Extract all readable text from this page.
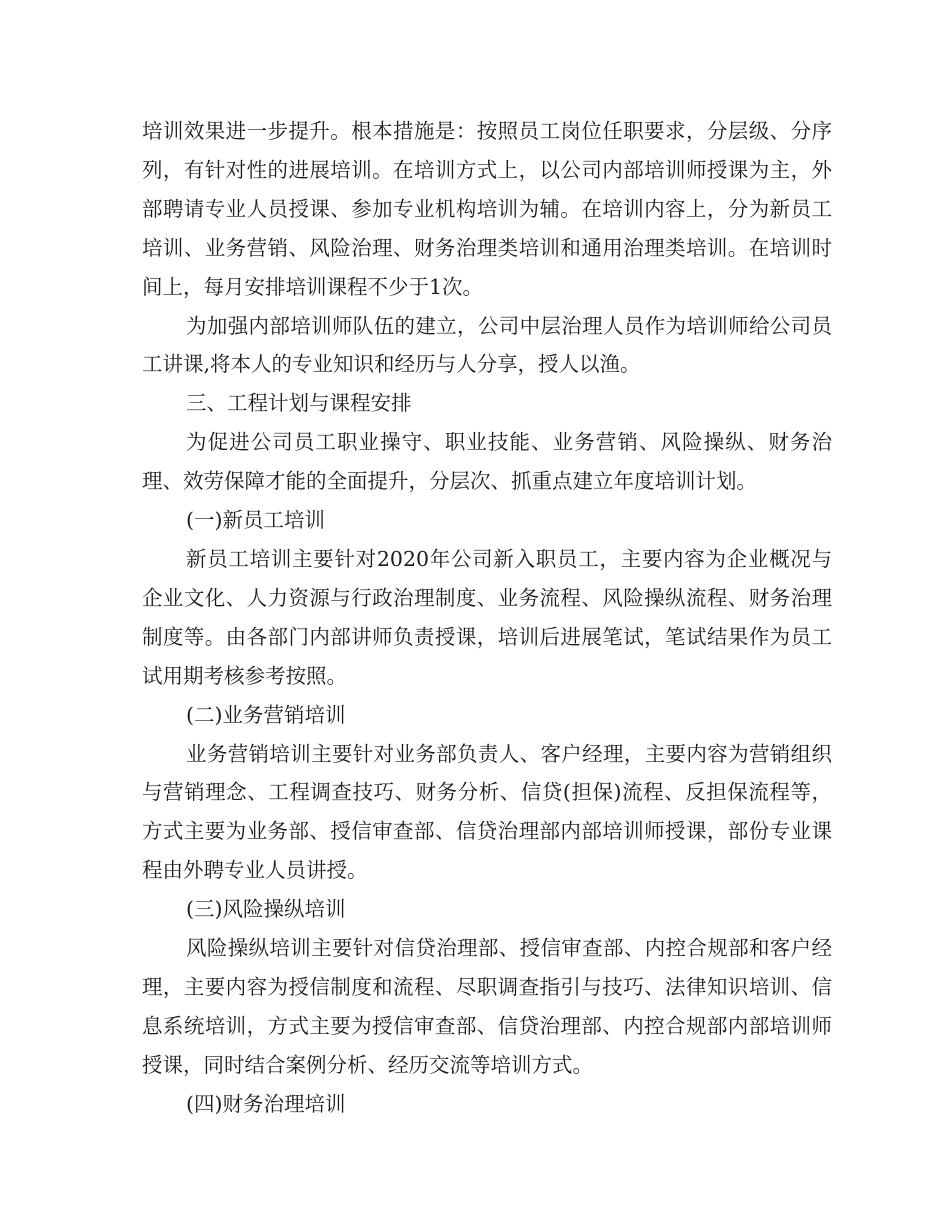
培训效果进一步提升。根本措施是：按照员工岗位任职要求，分层级、分序列，有针对性的进展培训。在培训方式上，以公司内部培训师授课为主，外部聘请专业人员授课、参加专业机构培训为辅。在培训内容上，分为新员工培训、业务营销、风险治理、财务治理类培训和通用治理类培训。在培训时间上，每月安排培训课程不少于1次。

为加强内部培训师队伍的建立，公司中层治理人员作为培训师给公司员工讲课,将本人的专业知识和经历与人分享，授人以渔。

三、工程计划与课程安排

为促进公司员工职业操守、职业技能、业务营销、风险操纵、财务治理、效劳保障才能的全面提升，分层次、抓重点建立年度培训计划。

(一)新员工培训

新员工培训主要针对2020年公司新入职员工，主要内容为企业概况与企业文化、人力资源与行政治理制度、业务流程、风险操纵流程、财务治理制度等。由各部门内部讲师负责授课，培训后进展笔试，笔试结果作为员工试用期考核参考按照。

(二)业务营销培训

业务营销培训主要针对业务部负责人、客户经理，主要内容为营销组织与营销理念、工程调查技巧、财务分析、信贷(担保)流程、反担保流程等，方式主要为业务部、授信审查部、信贷治理部内部培训师授课，部份专业课程由外聘专业人员讲授。

(三)风险操纵培训

风险操纵培训主要针对信贷治理部、授信审查部、内控合规部和客户经理，主要内容为授信制度和流程、尽职调查指引与技巧、法律知识培训、信息系统培训，方式主要为授信审查部、信贷治理部、内控合规部内部培训师授课，同时结合案例分析、经历交流等培训方式。

(四)财务治理培训
